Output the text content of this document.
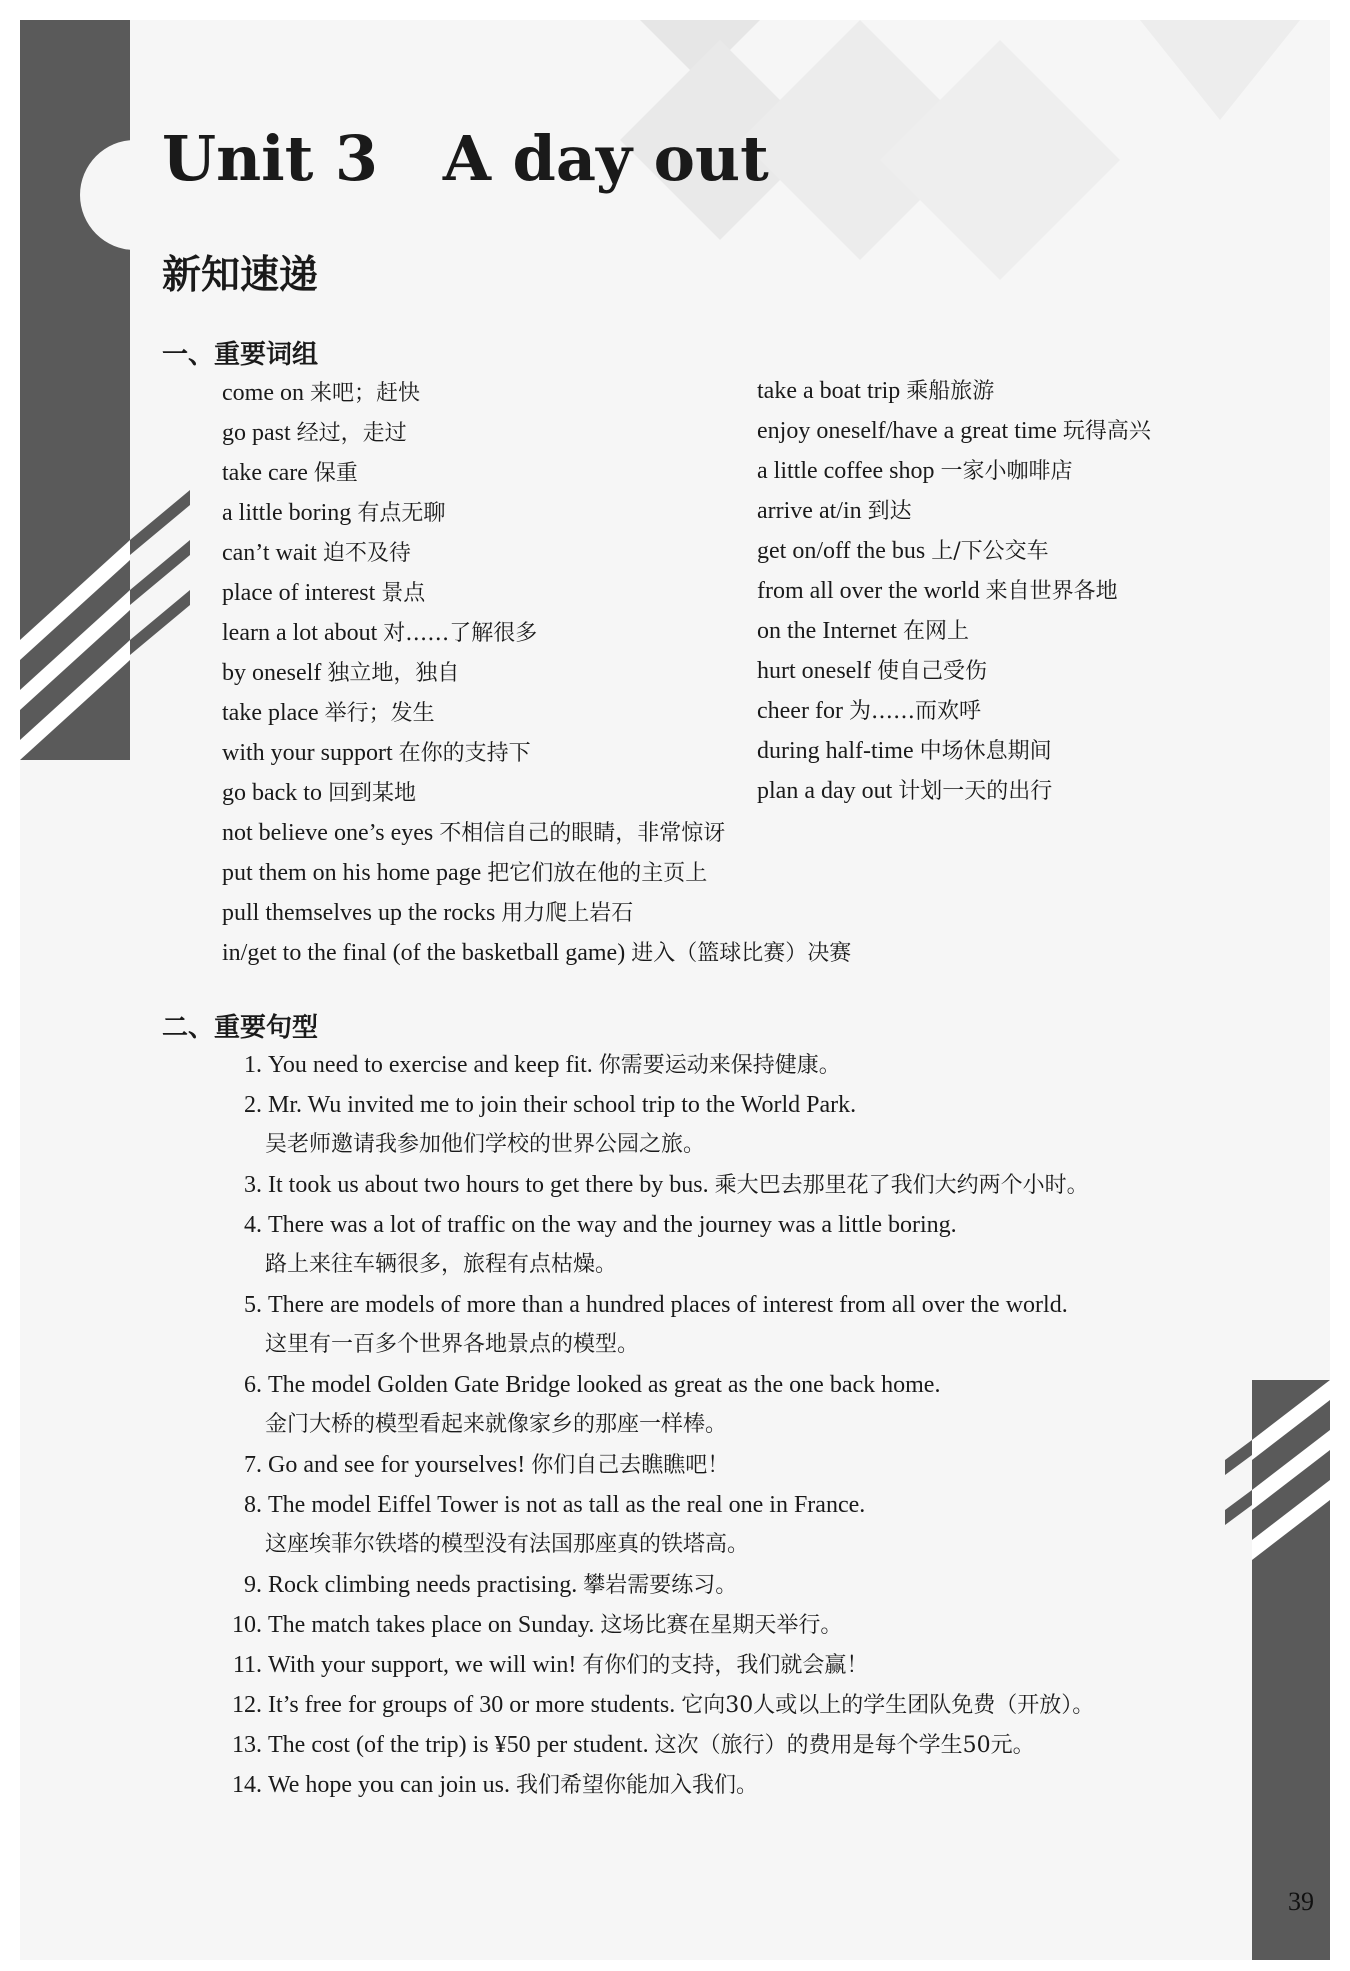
Unit 3   A day out
新知速递
一、重要词组
come on 来吧；赶快
go past 经过，走过
take care 保重
a little boring 有点无聊
can’t wait 迫不及待
place of interest 景点
learn a lot about 对……了解很多
by oneself 独立地，独自
take place 举行；发生
with your support 在你的支持下
go back to 回到某地
take a boat trip 乘船旅游
enjoy oneself/have a great time 玩得高兴
a little coffee shop 一家小咖啡店
arrive at/in 到达
get on/off the bus 上/下公交车
from all over the world 来自世界各地
on the Internet 在网上
hurt oneself 使自己受伤
cheer for 为……而欢呼
during half-time 中场休息期间
plan a day out 计划一天的出行
not believe one’s eyes 不相信自己的眼睛，非常惊讶
put them on his home page 把它们放在他的主页上
pull themselves up the rocks 用力爬上岩石
in/get to the final (of the basketball game) 进入（篮球比赛）决赛
二、重要句型
1. You need to exercise and keep fit. 你需要运动来保持健康。
2. Mr. Wu invited me to join their school trip to the World Park.
吴老师邀请我参加他们学校的世界公园之旅。
3. It took us about two hours to get there by bus. 乘大巴去那里花了我们大约两个小时。
4. There was a lot of traffic on the way and the journey was a little boring.
路上来往车辆很多，旅程有点枯燥。
5. There are models of more than a hundred places of interest from all over the world.
这里有一百多个世界各地景点的模型。
6. The model Golden Gate Bridge looked as great as the one back home.
金门大桥的模型看起来就像家乡的那座一样棒。
7. Go and see for yourselves! 你们自己去瞧瞧吧！
8. The model Eiffel Tower is not as tall as the real one in France.
这座埃菲尔铁塔的模型没有法国那座真的铁塔高。
9. Rock climbing needs practising. 攀岩需要练习。
10. The match takes place on Sunday. 这场比赛在星期天举行。
11. With your support, we will win! 有你们的支持，我们就会赢！
12. It’s free for groups of 30 or more students. 它向30人或以上的学生团队免费（开放）。
13. The cost (of the trip) is ¥50 per student. 这次（旅行）的费用是每个学生50元。
14. We hope you can join us. 我们希望你能加入我们。
39
